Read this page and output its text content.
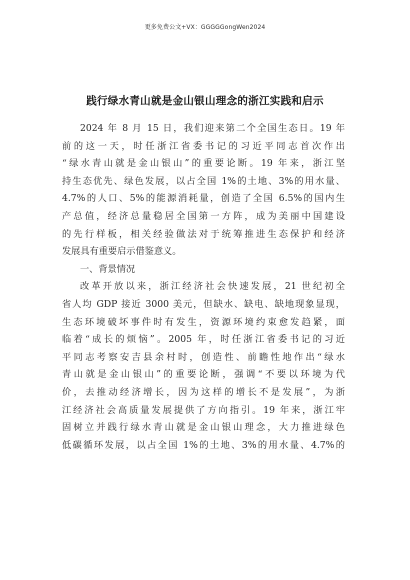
更多免费公文+VX：GGGGGongWen2024
践行绿水青山就是金山银山理念的浙江实践和启示
2024 年 8 月 15 日，我们迎来第二个全国生态日。19 年
前的这一天，时任浙江省委书记的习近平同志首次作出
“绿水青山就是金山银山”的重要论断。19 年来，浙江坚
持生态优先、绿色发展，以占全国 1%的土地、3%的用水量、
4.7%的人口、5%的能源消耗量，创造了全国 6.5%的国内生
产总值，经济总量稳居全国第一方阵，成为美丽中国建设
的先行样板，相关经验做法对于统筹推进生态保护和经济
发展具有重要启示借鉴意义。
一、背景情况
改革开放以来，浙江经济社会快速发展，21 世纪初全
省人均 GDP 接近 3000 美元，但缺水、缺电、缺地现象显现，
生态环境破坏事件时有发生，资源环境约束愈发趋紧，面
临着“成长的烦恼”。2005 年，时任浙江省委书记的习近
平同志考察安吉县余村时，创造性、前瞻性地作出“绿水
青山就是金山银山”的重要论断，强调“不要以环境为代
价，去推动经济增长，因为这样的增长不是发展”，为浙
江经济社会高质量发展提供了方向指引。19 年来，浙江牢
固树立并践行绿水青山就是金山银山理念，大力推进绿色
低碳循环发展，以占全国 1%的土地、3%的用水量、4.7%的
